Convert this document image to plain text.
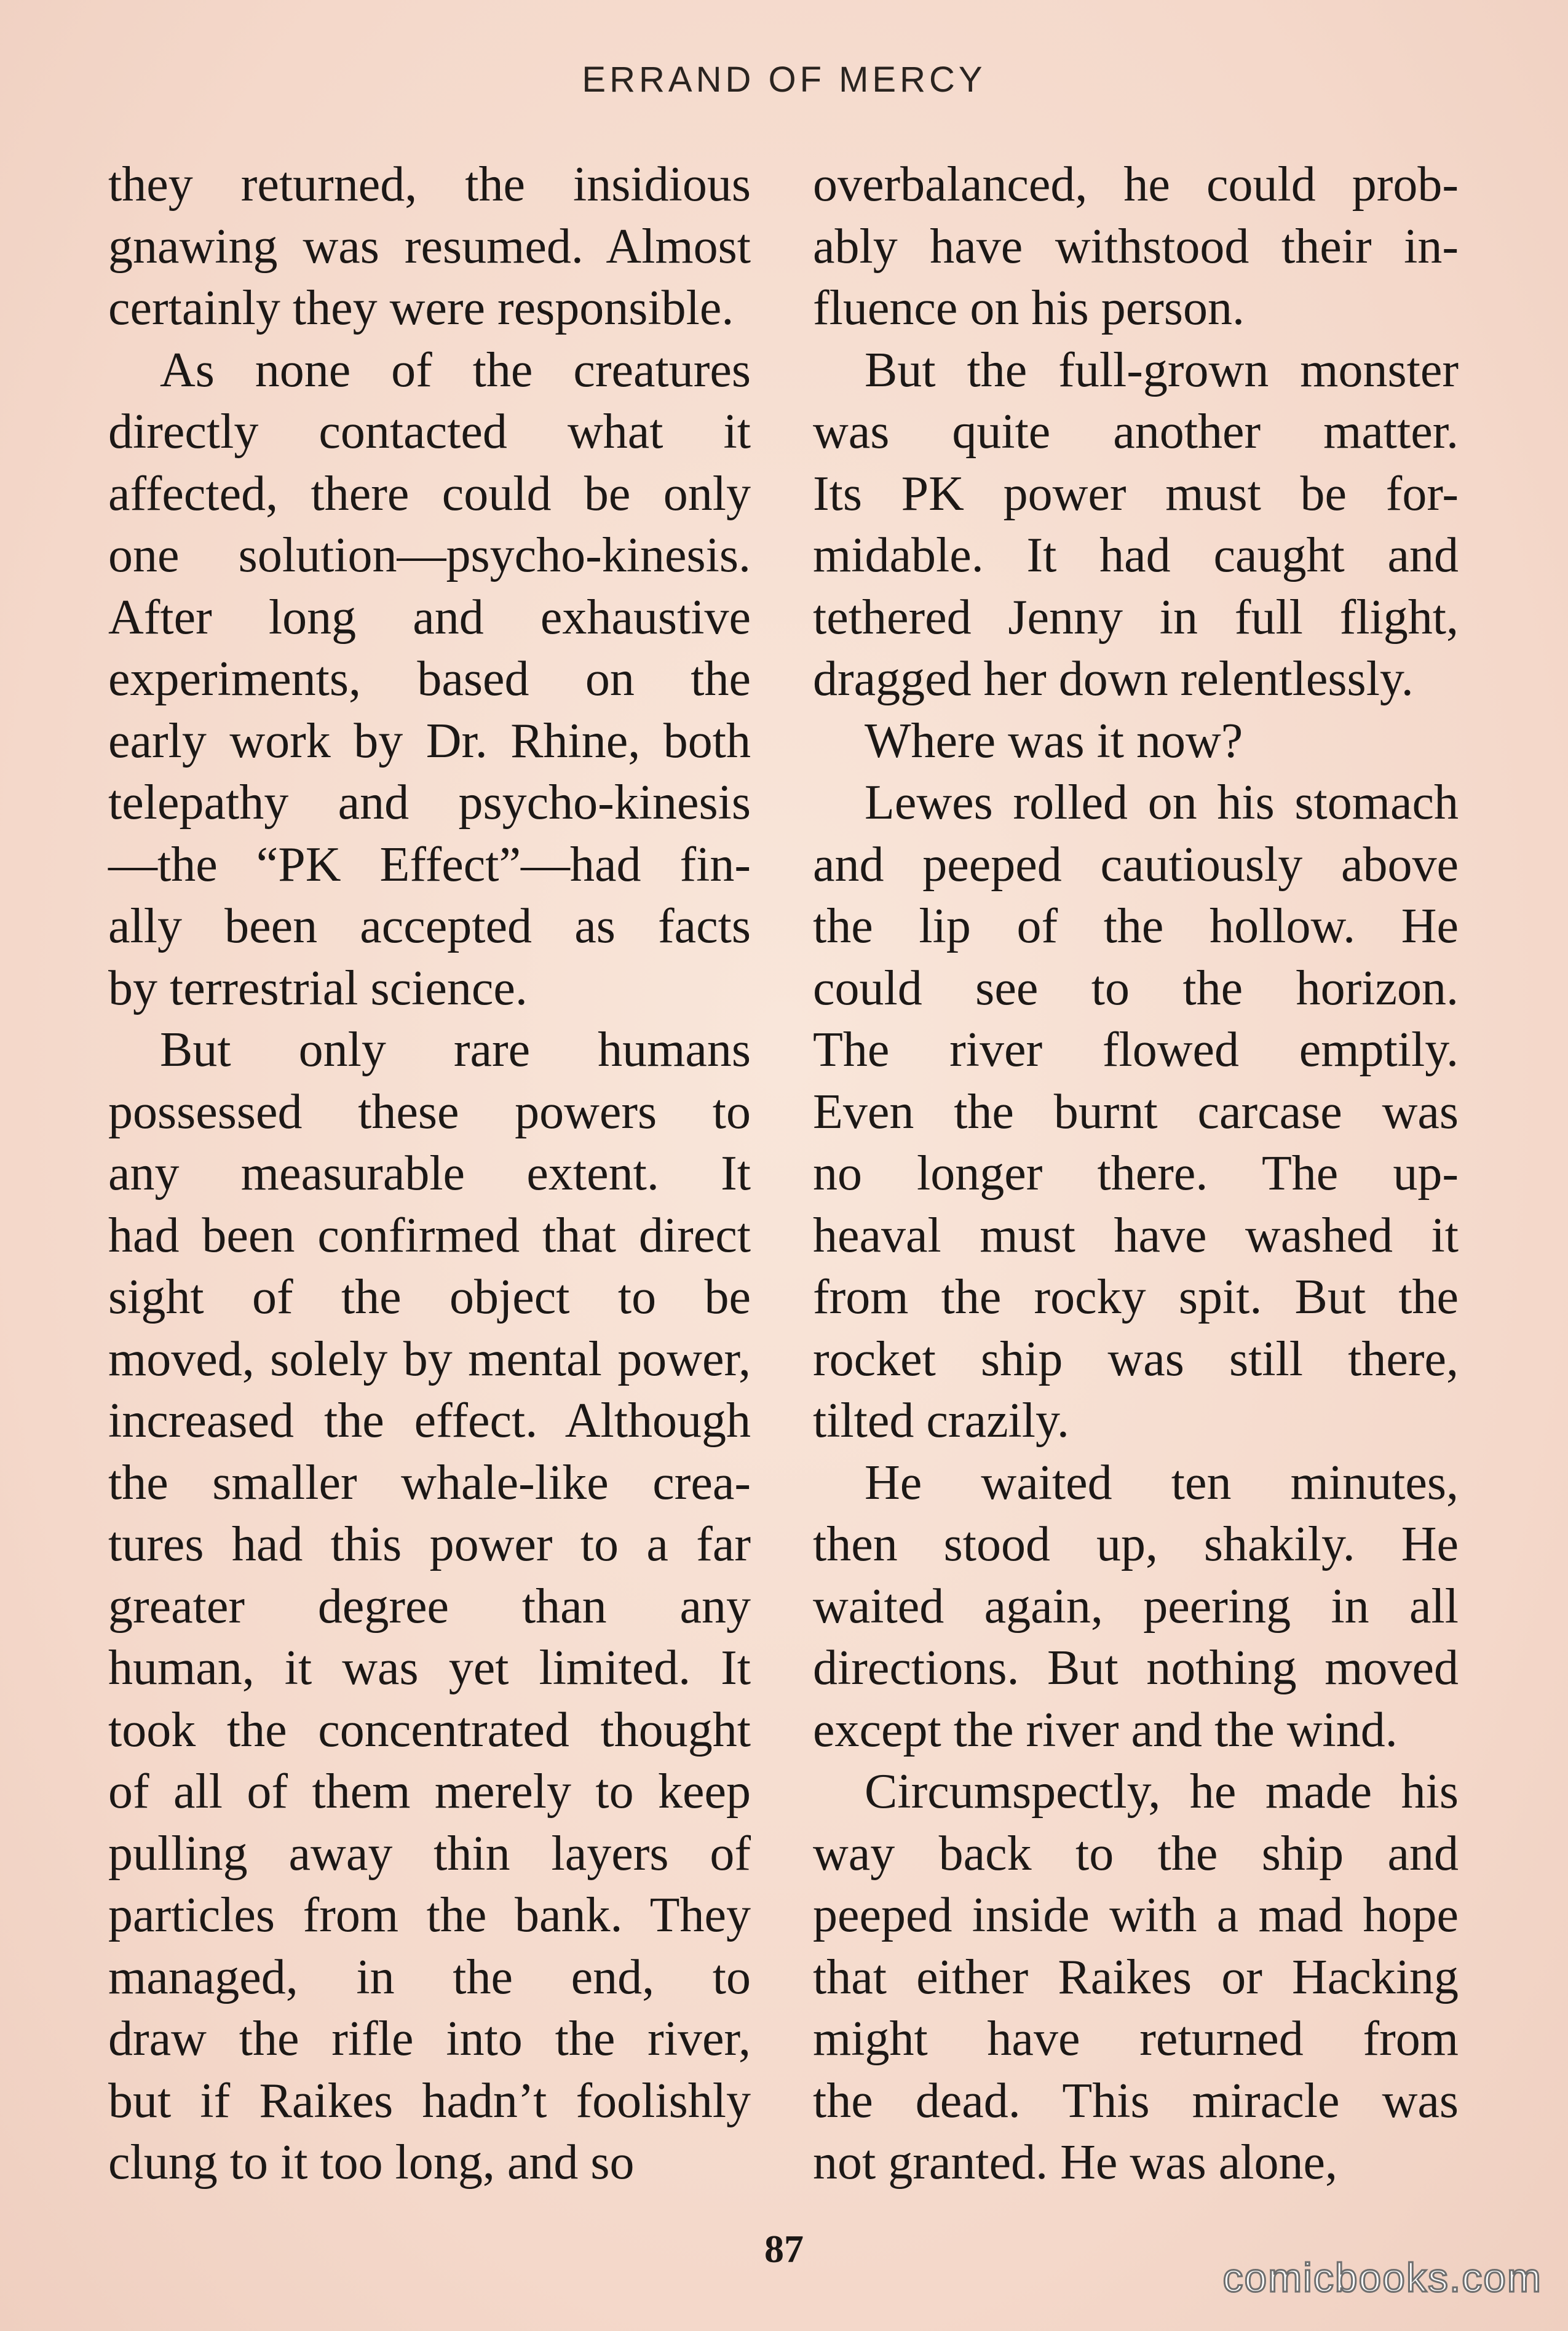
ERRAND OF MERCY

they returned, the insidious
gnawing was resumed. Almost
certainly they were responsible.

As none of the creatures
directly contacted what it
affected, there could be only
one solution—psycho-kinesis.
After long and exhaustive
experiments, based on the
early work by Dr. Rhine, both
telepathy and psycho-kinesis
—the “PK Effect”—had fin-
ally been accepted as facts
by terrestrial science.

But only rare humans
possessed these powers to
any measurable extent. It
had been confirmed that direct
sight of the object to be
moved, solely by mental power,
increased the effect. Although
the smaller whale-like crea-
tures had this power to a far
greater degree than any
human, it was yet limited. It
took the concentrated thought
of all of them merely to keep
pulling away thin layers of
particles from the bank. They
managed, in the end, to
draw the rifle into the river,
but if Raikes hadn’t foolishly
clung to it too long, and so

overbalanced, he could prob-
ably have withstood their in-
fluence on his person.

But the full-grown monster
was quite another matter.
Its PK power must be for-
midable. It had caught and
tethered Jenny in full flight,
dragged her down relentlessly.

Where was it now?

Lewes rolled on his stomach
and peeped cautiously above
the lip of the hollow. He
could see to the horizon.
The river flowed emptily.
Even the burnt carcase was
no longer there. The up-
heaval must have washed it
from the rocky spit. But the
rocket ship was still there,
tilted crazily.

He waited ten minutes,
then stood up, shakily. He
waited again, peering in all
directions. But nothing moved
except the river and the wind.

Circumspectly, he made his
way back to the ship and
peeped inside with a mad hope
that either Raikes or Hacking
might have returned from
the dead. This miracle was
not granted. He was alone,

87
comicbooks.com
